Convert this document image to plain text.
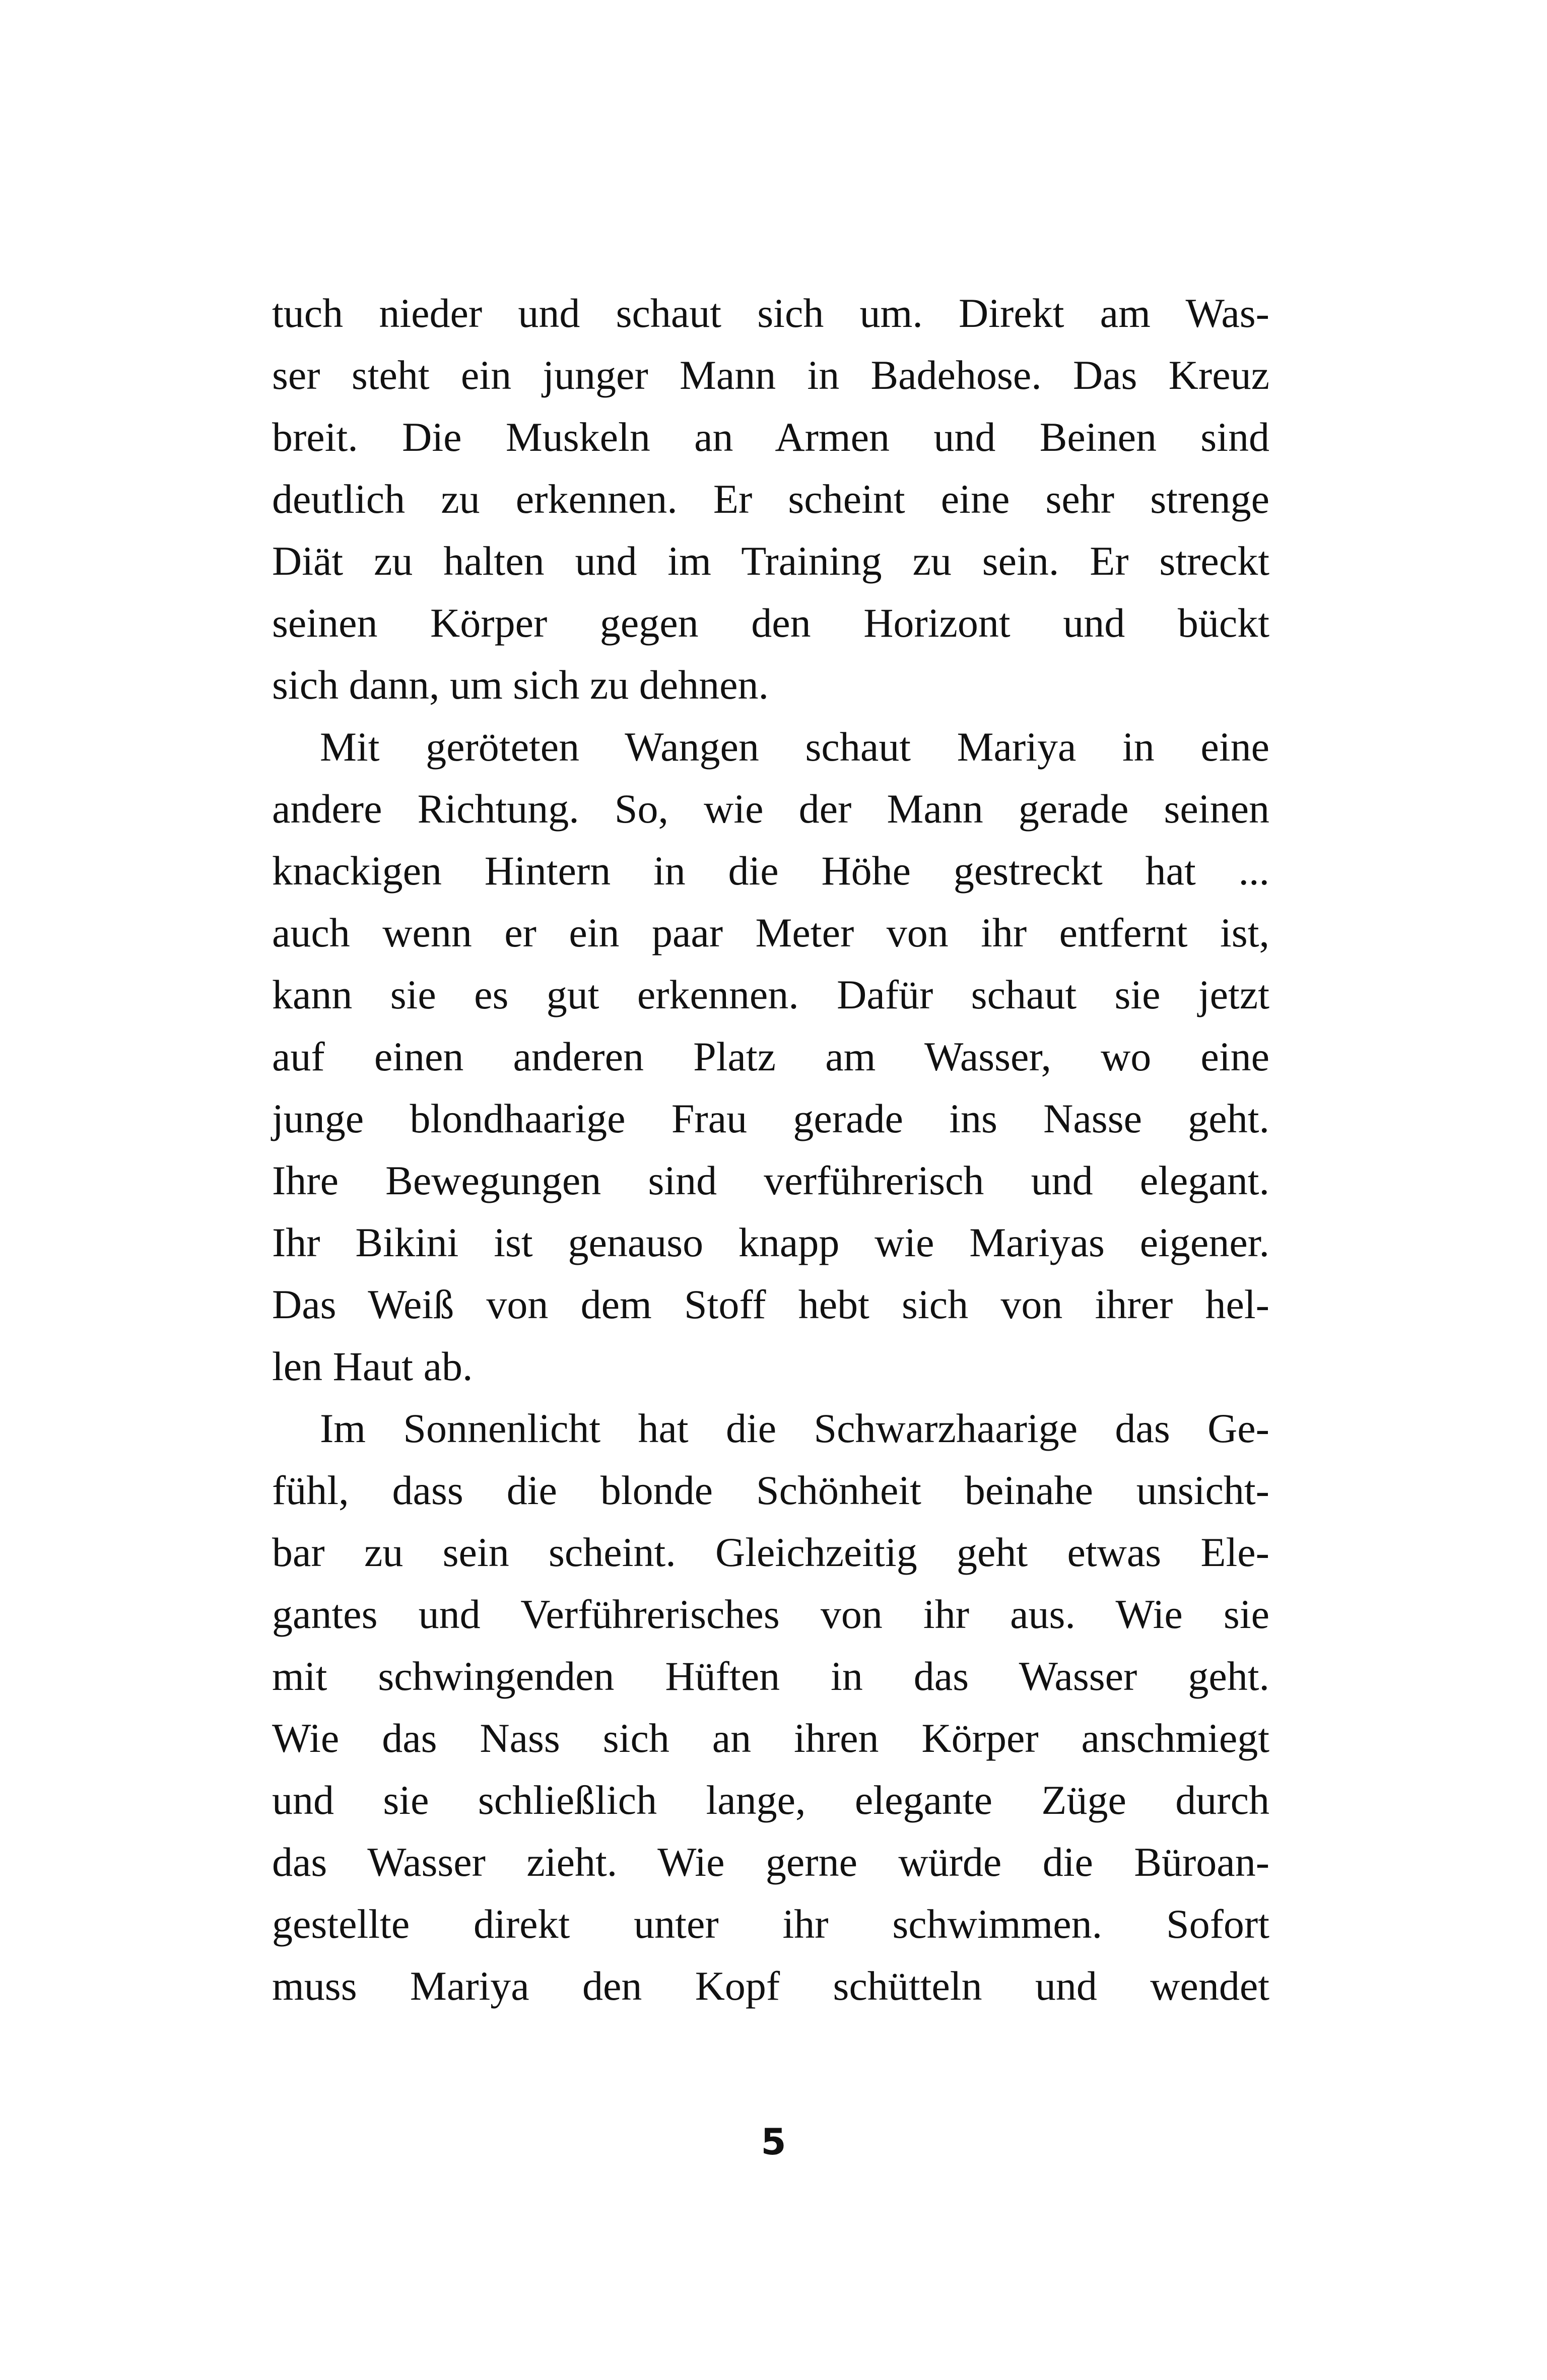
tuch nieder und schaut sich um. Direkt am Was-
ser steht ein junger Mann in Badehose. Das Kreuz
breit. Die Muskeln an Armen und Beinen sind
deutlich zu erkennen. Er scheint eine sehr strenge
Diät zu halten und im Training zu sein. Er streckt
seinen Körper gegen den Horizont und bückt
sich dann, um sich zu dehnen.
Mit geröteten Wangen schaut Mariya in eine
andere Richtung. So, wie der Mann gerade seinen
knackigen Hintern in die Höhe gestreckt hat ...
auch wenn er ein paar Meter von ihr entfernt ist,
kann sie es gut erkennen. Dafür schaut sie jetzt
auf einen anderen Platz am Wasser, wo eine
junge blondhaarige Frau gerade ins Nasse geht.
Ihre Bewegungen sind verführerisch und elegant.
Ihr Bikini ist genauso knapp wie Mariyas eigener.
Das Weiß von dem Stoff hebt sich von ihrer hel-
len Haut ab.
Im Sonnenlicht hat die Schwarzhaarige das Ge-
fühl, dass die blonde Schönheit beinahe unsicht-
bar zu sein scheint. Gleichzeitig geht etwas Ele-
gantes und Verführerisches von ihr aus. Wie sie
mit schwingenden Hüften in das Wasser geht.
Wie das Nass sich an ihren Körper anschmiegt
und sie schließlich lange, elegante Züge durch
das Wasser zieht. Wie gerne würde die Büroan-
gestellte direkt unter ihr schwimmen. Sofort
muss Mariya den Kopf schütteln und wendet
5
